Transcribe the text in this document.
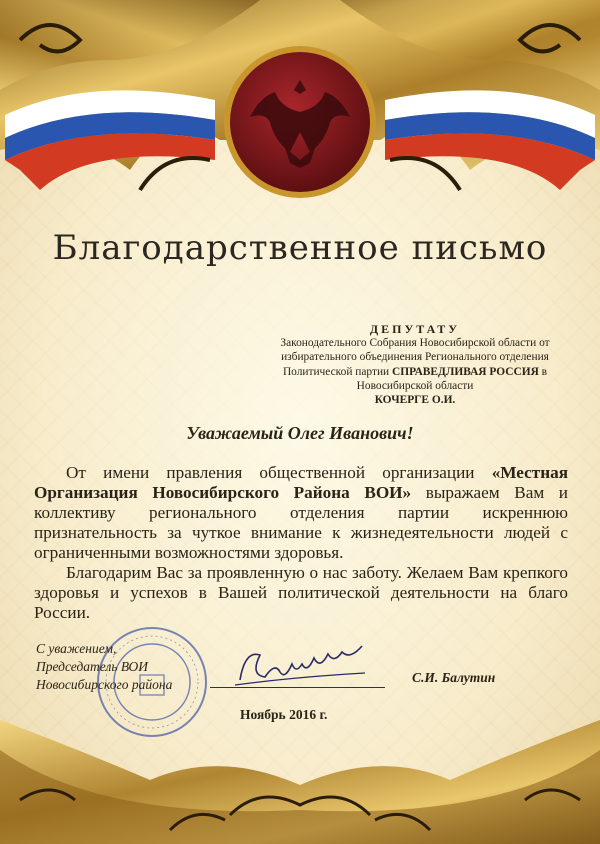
Благодарственное письмо
ДЕПУТАТУ
Законодательного Собрания Новосибирской области от
избирательного объединения Регионального отделения
Политической партии СПРАВЕДЛИВАЯ РОССИЯ в
Новосибирской области
КОЧЕРГЕ О.И.
Уважаемый Олег Иванович!

От имени правления общественной организации «Местная Организация Новосибирского Района ВОИ» выражаем Вам и коллективу регионального отделения партии искреннюю признательность за чуткое внимание к жизнедеятельности людей с ограниченными возможностями здоровья.

Благодарим Вас за проявленную о нас заботу. Желаем Вам крепкого здоровья и успехов в Вашей политической деятельности на благо России.

С уважением,
Председатель ВОИ
Новосибирского района	С.И. Балутин
Ноябрь 2016 г.
